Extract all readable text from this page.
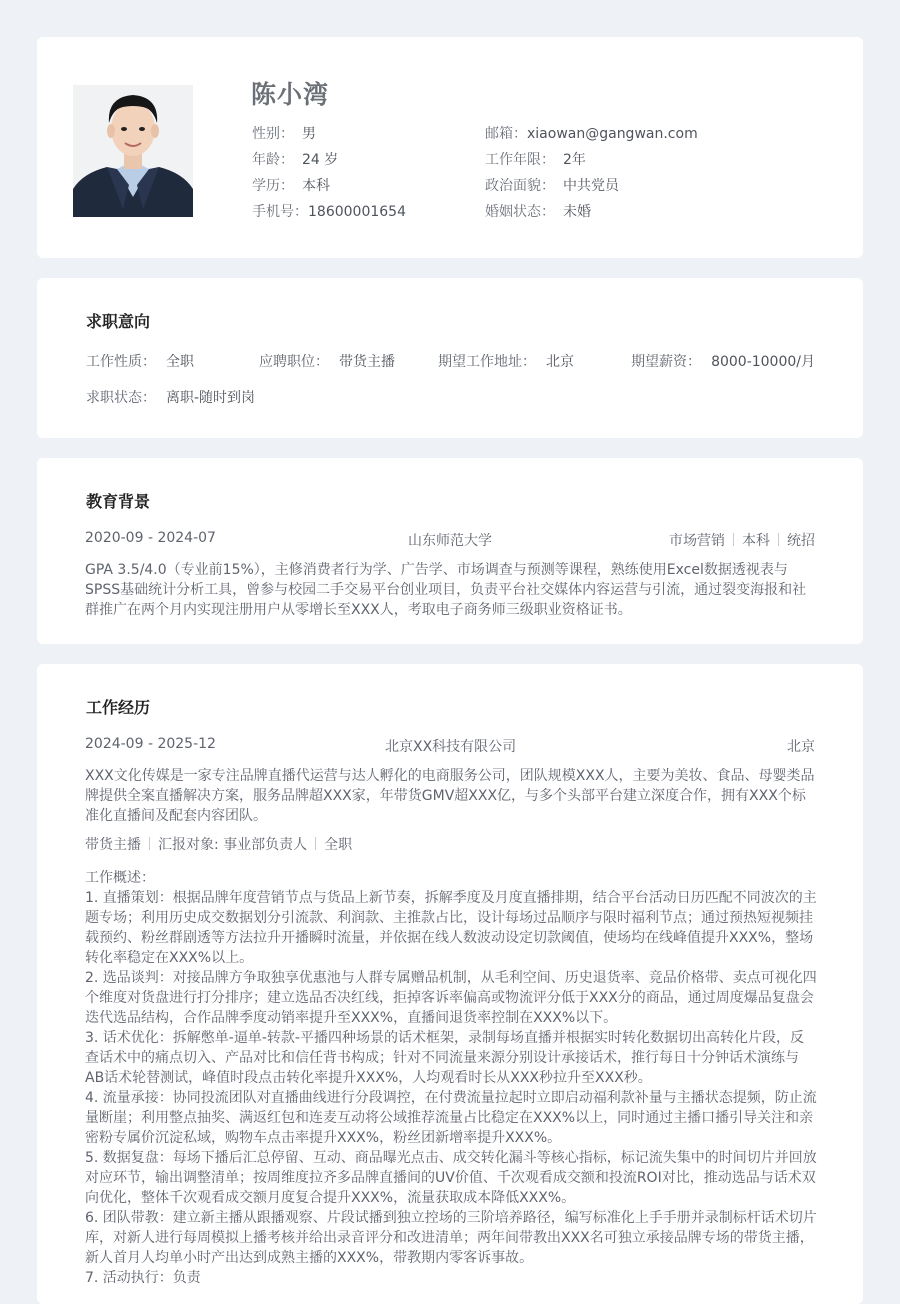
陈小湾
性别： 男
年龄： 24 岁
学历： 本科
手机号：18600001654
邮箱：xiaowan@gangwan.com
工作年限： 2年
政治面貌： 中共党员
婚姻状态： 未婚
求职意向
工作性质： 全职	应聘职位： 带货主播	期望工作地址： 北京	期望薪资： 8000-10000/月
求职状态： 离职-随时到岗
教育背景
2020-09 - 2024-07	山东师范大学	市场营销 本科 统招
GPA 3.5/4.0（专业前15%），主修消费者行为学、广告学、市场调查与预测等课程，熟练使用Excel数据透视表与SPSS基础统计分析工具，曾参与校园二手交易平台创业项目，负责平台社交媒体内容运营与引流，通过裂变海报和社群推广在两个月内实现注册用户从零增长至XXX人，考取电子商务师三级职业资格证书。
工作经历
2024-09 - 2025-12	北京XX科技有限公司	北京
XXX文化传媒是一家专注品牌直播代运营与达人孵化的电商服务公司，团队规模XXX人，主要为美妆、食品、母婴类品牌提供全案直播解决方案，服务品牌超XXX家，年带货GMV超XXX亿，与多个头部平台建立深度合作，拥有XXX个标准化直播间及配套内容团队。
带货主播 汇报对象: 事业部负责人 全职
工作概述：
1. 直播策划：根据品牌年度营销节点与货品上新节奏，拆解季度及月度直播排期，结合平台活动日历匹配不同波次的主题专场；利用历史成交数据划分引流款、利润款、主推款占比，设计每场过品顺序与限时福利节点；通过预热短视频挂载预约、粉丝群剧透等方法拉升开播瞬时流量，并依据在线人数波动设定切款阈值，使场均在线峰值提升XXX%，整场转化率稳定在XXX%以上。
2. 选品谈判：对接品牌方争取独享优惠池与人群专属赠品机制，从毛利空间、历史退货率、竞品价格带、卖点可视化四个维度对货盘进行打分排序；建立选品否决红线，拒掉客诉率偏高或物流评分低于XXX分的商品，通过周度爆品复盘会迭代选品结构，合作品牌季度动销率提升至XXX%，直播间退货率控制在XXX%以下。
3. 话术优化：拆解憋单-逼单-转款-平播四种场景的话术框架，录制每场直播并根据实时转化数据切出高转化片段，反查话术中的痛点切入、产品对比和信任背书构成；针对不同流量来源分别设计承接话术，推行每日十分钟话术演练与AB话术轮替测试，峰值时段点击转化率提升XXX%，人均观看时长从XXX秒拉升至XXX秒。
4. 流量承接：协同投流团队对直播曲线进行分段调控，在付费流量拉起时立即启动福利款补量与主播状态提频，防止流量断崖；利用整点抽奖、满返红包和连麦互动将公域推荐流量占比稳定在XXX%以上，同时通过主播口播引导关注和亲密粉专属价沉淀私域，购物车点击率提升XXX%，粉丝团新增率提升XXX%。
5. 数据复盘：每场下播后汇总停留、互动、商品曝光点击、成交转化漏斗等核心指标，标记流失集中的时间切片并回放对应环节，输出调整清单；按周维度拉齐多品牌直播间的UV价值、千次观看成交额和投流ROI对比，推动选品与话术双向优化，整体千次观看成交额月度复合提升XXX%，流量获取成本降低XXX%。
6. 团队带教：建立新主播从跟播观察、片段试播到独立控场的三阶培养路径，编写标准化上手手册并录制标杆话术切片库，对新人进行每周模拟上播考核并给出录音评分和改进清单；两年间带教出XXX名可独立承接品牌专场的带货主播，新人首月人均单小时产出达到成熟主播的XXX%，带教期内零客诉事故。
7. 活动执行：负责
